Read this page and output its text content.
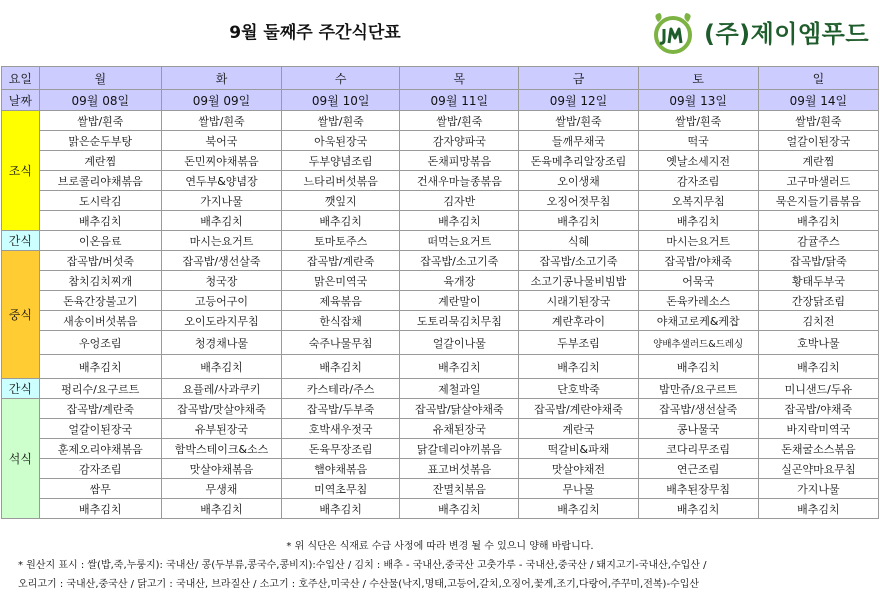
9월 둘째주 주간식단표	(주)제이엠푸드
요일	월	화	수	목	금	토	일
날짜	09월 08일	09월 09일	09월 10일	09월 11일	09월 12일	09월 13일	09월 14일
조식	쌀밥/흰죽	쌀밥/흰죽	쌀밥/흰죽	쌀밥/흰죽	쌀밥/흰죽	쌀밥/흰죽	쌀밥/흰죽
	맑은순두부탕	북어국	아욱된장국	감자양파국	들깨무채국	떡국	얼갈이된장국
	계란찜	돈민찌야채볶음	두부양념조림	돈채피망볶음	돈육메추리알장조림	옛날소세지전	계란찜
	브로콜리야채볶음	연두부&양념장	느타리버섯볶음	건새우마늘종볶음	오이생채	감자조림	고구마샐러드
	도시락김	가지나물	깻잎지	김자반	오징어젓무침	오복지무침	묵은지들기름볶음
	배추김치	배추김치	배추김치	배추김치	배추김치	배추김치	배추김치
간식	이온음료	마시는요거트	토마토주스	떠먹는요거트	식혜	마시는요거트	감귤주스
중식	잡곡밥/버섯죽	잡곡밥/생선살죽	잡곡밥/계란죽	잡곡밥/소고기죽	잡곡밥/소고기죽	잡곡밥/야채죽	잡곡밥/닭죽
	참치김치찌개	청국장	맑은미역국	육개장	소고기콩나물비빔밥	어묵국	황태두부국
	돈육간장불고기	고등어구이	제육볶음	계란말이	시래기된장국	돈육카레소스	간장닭조림
	새송이버섯볶음	오이도라지무침	한식잡채	도토리묵김치무침	계란후라이	야채고로케&케찹	김치전
	우엉조림	청경채나물	숙주나물무침	얼갈이나물	두부조림	양배추샐러드&드레싱	호박나물
	배추김치	배추김치	배추김치	배추김치	배추김치	배추김치	배추김치
간식	펑리수/요구르트	요플레/사과쿠키	카스테라/주스	제철과일	단호박죽	밤만쥬/요구르트	미니샌드/두유
석식	잡곡밥/계란죽	잡곡밥/맛살야채죽	잡곡밥/두부죽	잡곡밥/닭살야채죽	잡곡밥/계란야채죽	잡곡밥/생선살죽	잡곡밥/야채죽
	얼갈이된장국	유부된장국	호박새우젓국	유채된장국	계란국	콩나물국	바지락미역국
	훈제오리야채볶음	함박스테이크&소스	돈육무장조림	닭갈데리야끼볶음	떡갈비&파채	코다리무조림	돈채굴소스볶음
	감자조림	맛살야채볶음	햄야채볶음	표고버섯볶음	맛살야채전	연근조림	실곤약마요무침
	쌈무	무생채	미역초무침	잔멸치볶음	무나물	배추된장무침	가지나물
	배추김치	배추김치	배추김치	배추김치	배추김치	배추김치	배추김치
* 위 식단은 식재료 수급 사정에 따라 변경 될 수 있으니 양해 바랍니다.
* 원산지 표시 : 쌀(밥,죽,누룽지): 국내산/ 콩(두부류,콩국수,콩비지):수입산 / 김치 : 배추 - 국내산,중국산 고춧가루 - 국내산,중국산 / 돼지고기-국내산,수입산 /
오리고기 : 국내산,중국산 / 닭고기 : 국내산, 브라질산 / 소고기 : 호주산,미국산 / 수산물(낙지,명태,고등어,갈치,오징어,꽃게,조기,다랑어,주꾸미,전복)-수입산
